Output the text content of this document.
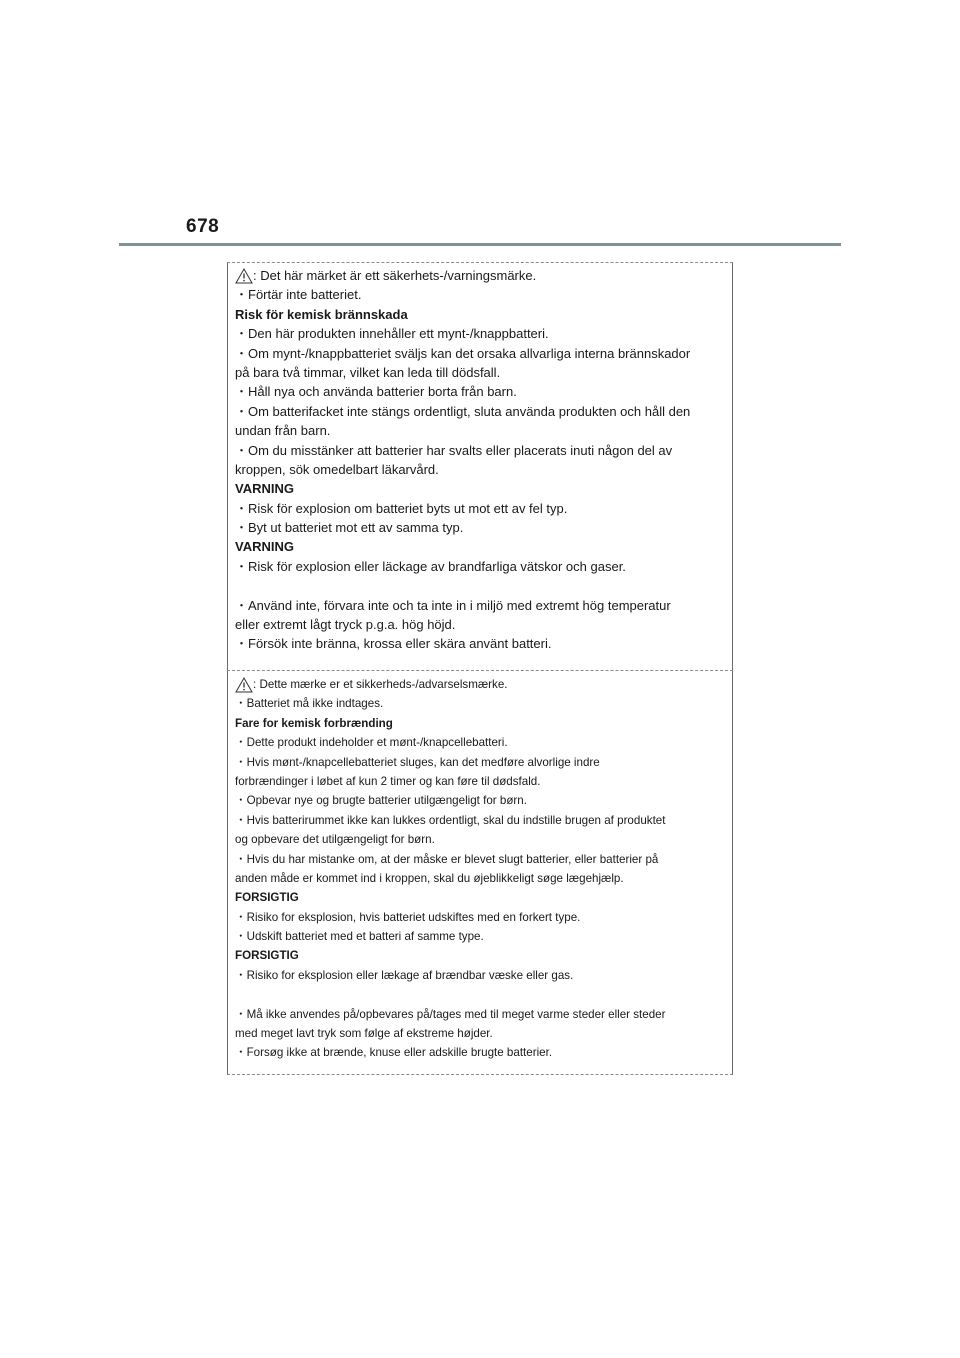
678
: Det här märket är ett säkerhets-/varningsmärke.
・Förtär inte batteriet.
Risk för kemisk brännskada
・Den här produkten innehåller ett mynt-/knappbatteri.
・Om mynt-/knappbatteriet sväljs kan det orsaka allvarliga interna brännskador
på bara två timmar, vilket kan leda till dödsfall.
・Håll nya och använda batterier borta från barn.
・Om batterifacket inte stängs ordentligt, sluta använda produkten och håll den
undan från barn.
・Om du misstänker att batterier har svalts eller placerats inuti någon del av
kroppen, sök omedelbart läkarvård.
VARNING
・Risk för explosion om batteriet byts ut mot ett av fel typ.
・Byt ut batteriet mot ett av samma typ.
VARNING
・Risk för explosion eller läckage av brandfarliga vätskor och gaser.
・Använd inte, förvara inte och ta inte in i miljö med extremt hög temperatur
eller extremt lågt tryck p.g.a. hög höjd.
・Försök inte bränna, krossa eller skära använt batteri.
: Dette mærke er et sikkerheds-/advarselsmærke.
・Batteriet må ikke indtages.
Fare for kemisk forbrænding
・Dette produkt indeholder et mønt-/knapcellebatteri.
・Hvis mønt-/knapcellebatteriet sluges, kan det medføre alvorlige indre
forbrændinger i løbet af kun 2 timer og kan føre til dødsfald.
・Opbevar nye og brugte batterier utilgængeligt for børn.
・Hvis batterirummet ikke kan lukkes ordentligt, skal du indstille brugen af produktet
og opbevare det utilgængeligt for børn.
・Hvis du har mistanke om, at der måske er blevet slugt batterier, eller batterier på
anden måde er kommet ind i kroppen, skal du øjeblikkeligt søge lægehjælp.
FORSIGTIG
・Risiko for eksplosion, hvis batteriet udskiftes med en forkert type.
・Udskift batteriet med et batteri af samme type.
FORSIGTIG
・Risiko for eksplosion eller lækage af brændbar væske eller gas.
・Må ikke anvendes på/opbevares på/tages med til meget varme steder eller steder
med meget lavt tryk som følge af ekstreme højder.
・Forsøg ikke at brænde, knuse eller adskille brugte batterier.
